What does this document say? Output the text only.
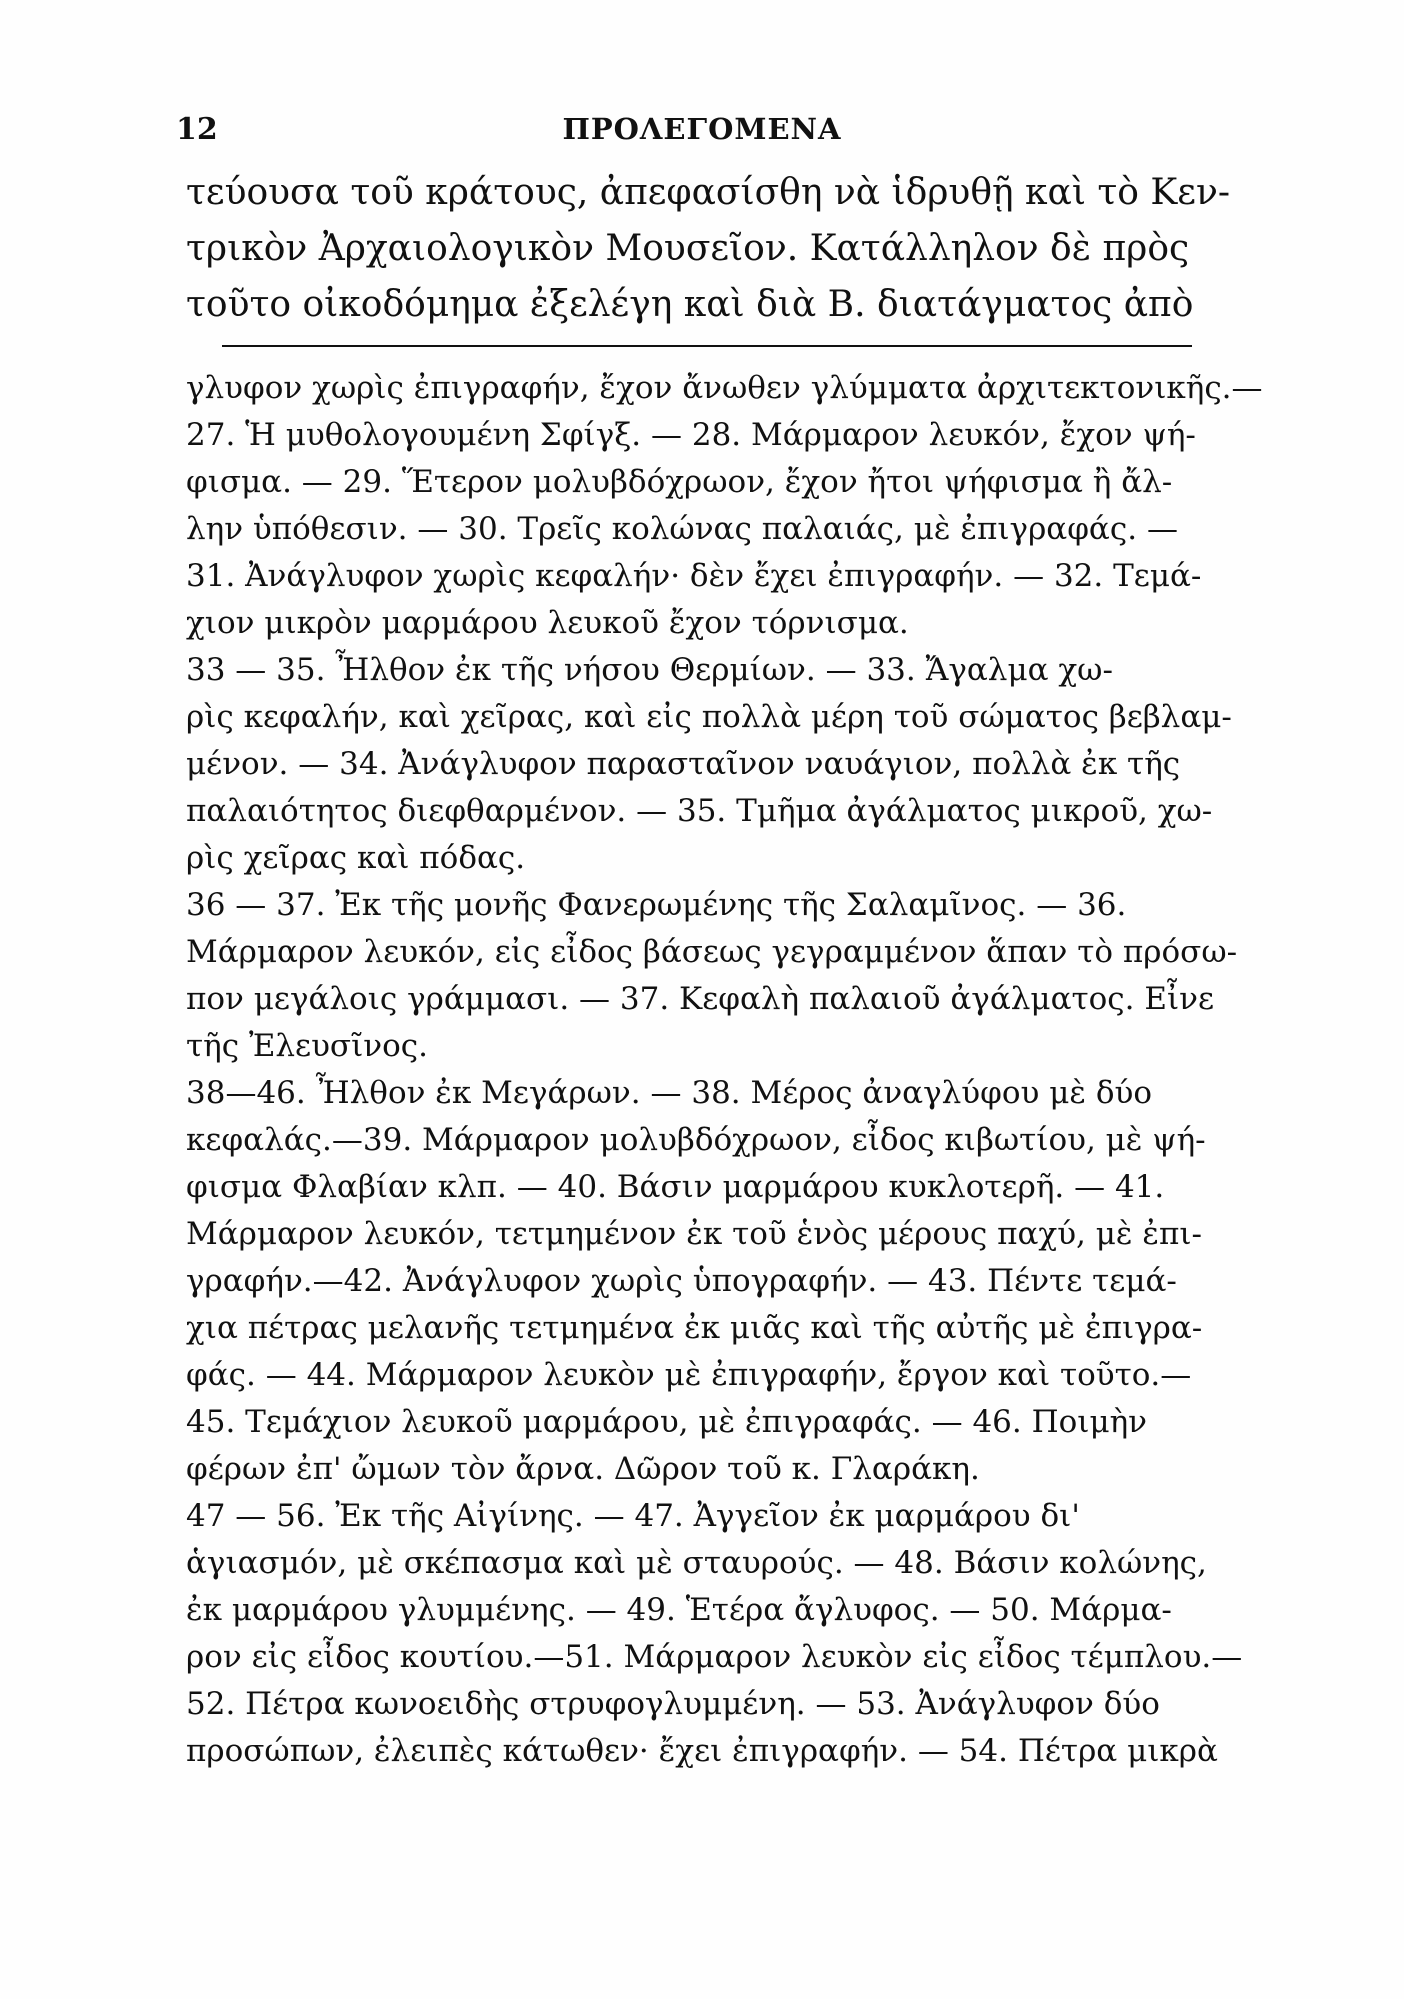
12	ΠΡΟΛΕΓΟΜΕΝΑ
τεύουσα τοῦ κράτους, ἀπεφασίσθη νὰ ἱδρυθῇ καὶ τὸ Κεν-
τρικὸν Ἀρχαιολογικὸν Μουσεῖον. Κατάλληλον δὲ πρὸς
τοῦτο οἰκοδόμημα ἐξελέγη καὶ διὰ Β. διατάγματος ἀπὸ
γλυφον χωρὶς ἐπιγραφήν, ἔχον ἄνωθεν γλύμματα ἀρχιτεκτονικῆς.—
27. Ἡ μυθολογουμένη Σφίγξ. — 28. Μάρμαρον λευκόν, ἔχον ψή-
φισμα. — 29. Ἕτερον μολυβδόχρωον, ἔχον ἤτοι ψήφισμα ἢ ἄλ-
λην ὑπόθεσιν. — 30. Τρεῖς κολώνας παλαιάς, μὲ ἐπιγραφάς. —
31. Ἀνάγλυφον χωρὶς κεφαλήν· δὲν ἔχει ἐπιγραφήν. — 32. Τεμά-
χιον μικρὸν μαρμάρου λευκοῦ ἔχον τόρνισμα.
33 — 35. Ἦλθον ἐκ τῆς νήσου Θερμίων. — 33. Ἄγαλμα χω-
ρὶς κεφαλήν, καὶ χεῖρας, καὶ εἰς πολλὰ μέρη τοῦ σώματος βεβλαμ-
μένον. — 34. Ἀνάγλυφον παρασταῖνον ναυάγιον, πολλὰ ἐκ τῆς
παλαιότητος διεφθαρμένον. — 35. Τμῆμα ἀγάλματος μικροῦ, χω-
ρὶς χεῖρας καὶ πόδας.
36 — 37. Ἐκ τῆς μονῆς Φανερωμένης τῆς Σαλαμῖνος. — 36.
Μάρμαρον λευκόν, εἰς εἶδος βάσεως γεγραμμένον ἅπαν τὸ πρόσω-
πον μεγάλοις γράμμασι. — 37. Κεφαλὴ παλαιοῦ ἀγάλματος. Εἶνε
τῆς Ἐλευσῖνος.
38—46. Ἦλθον ἐκ Μεγάρων. — 38. Μέρος ἀναγλύφου μὲ δύο
κεφαλάς.—39. Μάρμαρον μολυβδόχρωον, εἶδος κιβωτίου, μὲ ψή-
φισμα Φλαβίαν κλπ. — 40. Βάσιν μαρμάρου κυκλοτερῆ. — 41.
Μάρμαρον λευκόν, τετμημένον ἐκ τοῦ ἑνὸς μέρους παχύ, μὲ ἐπι-
γραφήν.—42. Ἀνάγλυφον χωρὶς ὑπογραφήν. — 43. Πέντε τεμά-
χια πέτρας μελανῆς τετμημένα ἐκ μιᾶς καὶ τῆς αὐτῆς μὲ ἐπιγρα-
φάς. — 44. Μάρμαρον λευκὸν μὲ ἐπιγραφήν, ἔργον καὶ τοῦτο.—
45. Τεμάχιον λευκοῦ μαρμάρου, μὲ ἐπιγραφάς. — 46. Ποιμὴν
φέρων ἐπ' ὤμων τὸν ἄρνα. Δῶρον τοῦ κ. Γλαράκη.
47 — 56. Ἐκ τῆς Αἰγίνης. — 47. Ἀγγεῖον ἐκ μαρμάρου δι'
ἁγιασμόν, μὲ σκέπασμα καὶ μὲ σταυρούς. — 48. Βάσιν κολώνης,
ἐκ μαρμάρου γλυμμένης. — 49. Ἑτέρα ἄγλυφος. — 50. Μάρμα-
ρον εἰς εἶδος κουτίου.—51. Μάρμαρον λευκὸν εἰς εἶδος τέμπλου.—
52. Πέτρα κωνοειδὴς στρυφογλυμμένη. — 53. Ἀνάγλυφον δύο
προσώπων, ἐλειπὲς κάτωθεν· ἔχει ἐπιγραφήν. — 54. Πέτρα μικρὰ
